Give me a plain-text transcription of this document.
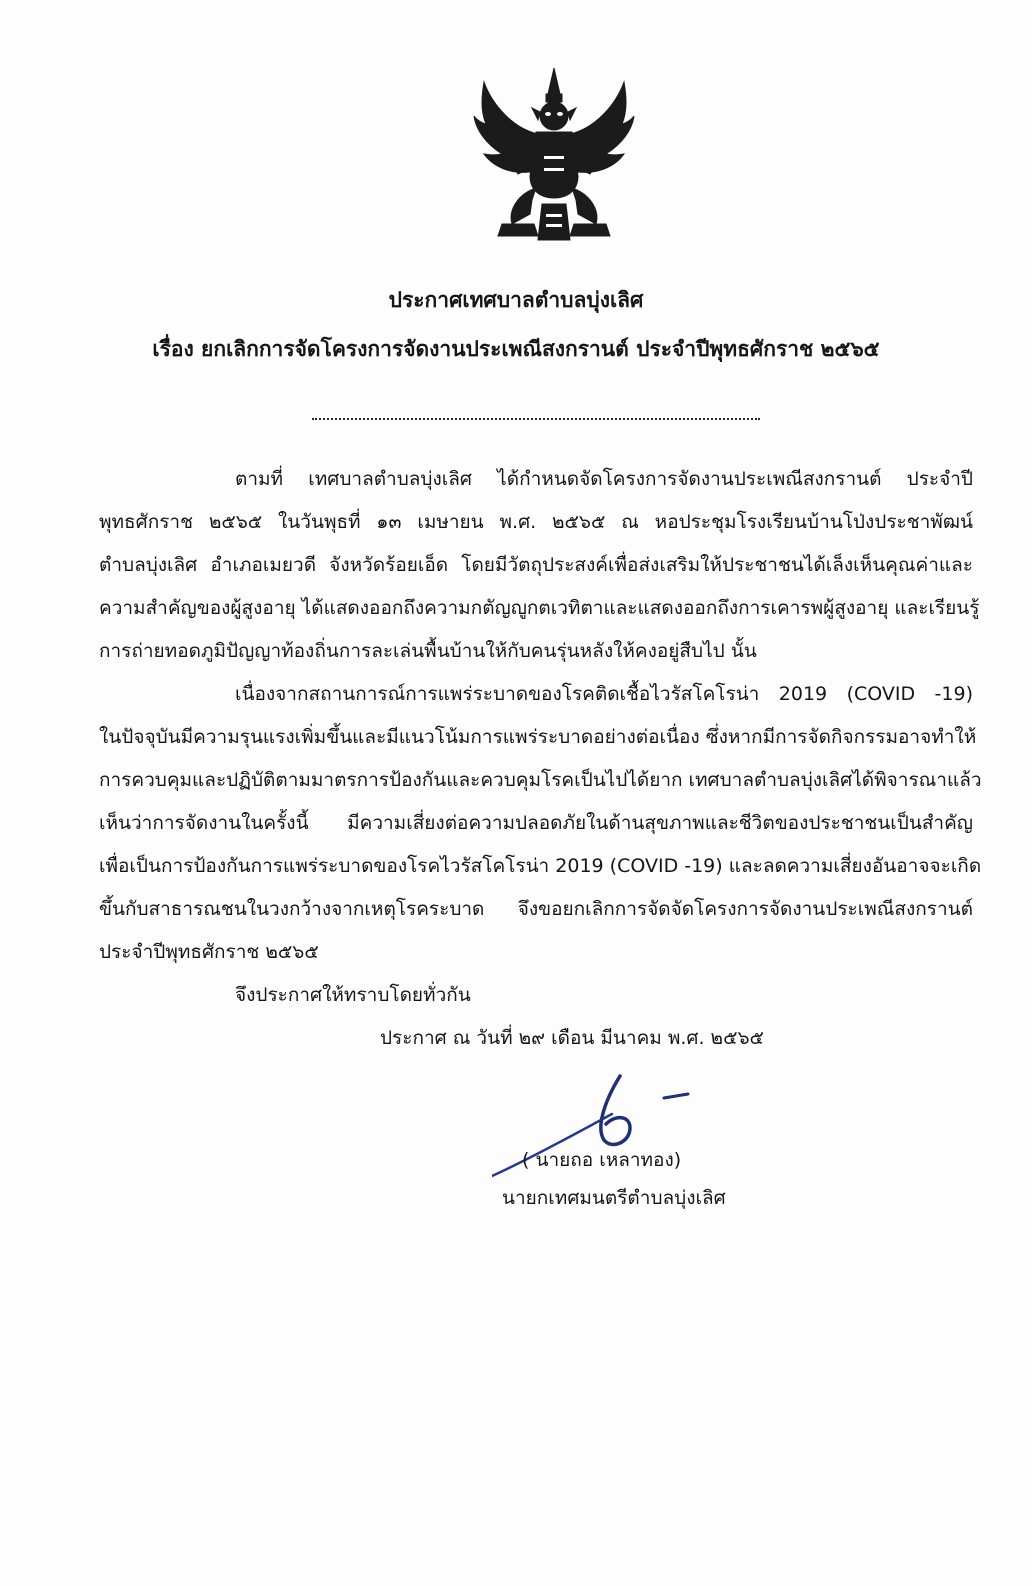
ประกาศเทศบาลตำบลบุ่งเลิศ
เรื่อง ยกเลิกการจัดโครงการจัดงานประเพณีสงกรานต์ ประจำปีพุทธศักราช ๒๕๖๕
ตามที่ เทศบาลตำบลบุ่งเลิศ ได้กำหนดจัดโครงการจัดงานประเพณีสงกรานต์ ประจำปี
พุทธศักราช ๒๕๖๕ ในวันพุธที่ ๑๓ เมษายน พ.ศ. ๒๕๖๕ ณ หอประชุมโรงเรียนบ้านโป่งประชาพัฒน์
ตำบลบุ่งเลิศ อำเภอเมยวดี จังหวัดร้อยเอ็ด โดยมีวัตถุประสงค์เพื่อส่งเสริมให้ประชาชนได้เล็งเห็นคุณค่าและ
ความสำคัญของผู้สูงอายุ ได้แสดงออกถึงความกตัญญูกตเวทิตาและแสดงออกถึงการเคารพผู้สูงอายุ และเรียนรู้
การถ่ายทอดภูมิปัญญาท้องถิ่นการละเล่นพื้นบ้านให้กับคนรุ่นหลังให้คงอยู่สืบไป นั้น
เนื่องจากสถานการณ์การแพร่ระบาดของโรคติดเชื้อไวรัสโคโรน่า 2019 (COVID -19)
ในปัจจุบันมีความรุนแรงเพิ่มขึ้นและมีแนวโน้มการแพร่ระบาดอย่างต่อเนื่อง ซึ่งหากมีการจัดกิจกรรมอาจทำให้
การควบคุมและปฏิบัติตามมาตรการป้องกันและควบคุมโรคเป็นไปได้ยาก เทศบาลตำบลบุ่งเลิศได้พิจารณาแล้ว
เห็นว่าการจัดงานในครั้งนี้ มีความเสี่ยงต่อความปลอดภัยในด้านสุขภาพและชีวิตของประชาชนเป็นสำคัญ
เพื่อเป็นการป้องกันการแพร่ระบาดของโรคไวรัสโคโรน่า 2019 (COVID -19) และลดความเสี่ยงอันอาจจะเกิด
ขึ้นกับสาธารณชนในวงกว้างจากเหตุโรคระบาด จึงขอยกเลิกการจัดจัดโครงการจัดงานประเพณีสงกรานต์
ประจำปีพุทธศักราช ๒๕๖๕
จึงประกาศให้ทราบโดยทั่วกัน
ประกาศ ณ วันที่ ๒๙ เดือน มีนาคม พ.ศ. ๒๕๖๕
( นายถอ เหลาทอง)
นายกเทศมนตรีตำบลบุ่งเลิศ
